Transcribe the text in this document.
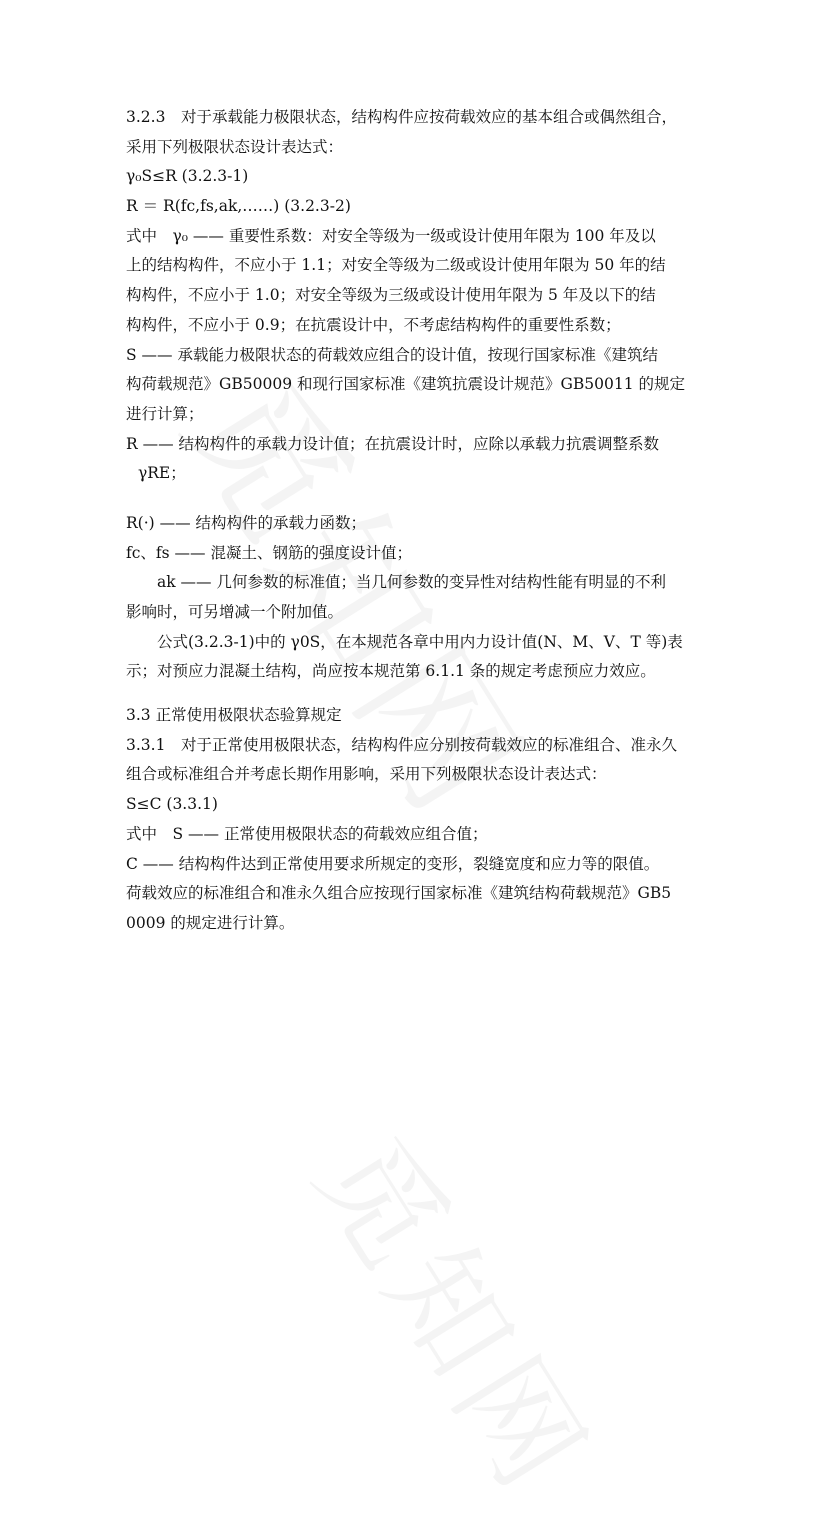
3.2.3　对于承载能力极限状态，结构构件应按荷载效应的基本组合或偶然组合，
采用下列极限状态设计表达式：
γ₀S≤R (3.2.3-1)
R ＝ R(fc,fs,ak,……) (3.2.3-2)
式中　γ₀ —— 重要性系数：对安全等级为一级或设计使用年限为 100 年及以
上的结构构件，不应小于 1.1；对安全等级为二级或设计使用年限为 50 年的结
构构件，不应小于 1.0；对安全等级为三级或设计使用年限为 5 年及以下的结
构构件，不应小于 0.9；在抗震设计中，不考虑结构构件的重要性系数；
S —— 承载能力极限状态的荷载效应组合的设计值，按现行国家标准《建筑结
构荷载规范》GB50009 和现行国家标准《建筑抗震设计规范》GB50011 的规定
进行计算；
R —— 结构构件的承载力设计值；在抗震设计时，应除以承载力抗震调整系数
γRE；
R(·) —— 结构构件的承载力函数；
fc、fs —— 混凝土、钢筋的强度设计值；
ak —— 几何参数的标准值；当几何参数的变异性对结构性能有明显的不利
影响时，可另增减一个附加值。
公式(3.2.3-1)中的 γ0S，在本规范各章中用内力设计值(N、M、V、T 等)表
示；对预应力混凝土结构，尚应按本规范第 6.1.1 条的规定考虑预应力效应。
3.3 正常使用极限状态验算规定
3.3.1　对于正常使用极限状态，结构构件应分别按荷载效应的标准组合、准永久
组合或标准组合并考虑长期作用影响，采用下列极限状态设计表达式：
S≤C (3.3.1)
式中　S —— 正常使用极限状态的荷载效应组合值；
C —— 结构构件达到正常使用要求所规定的变形，裂缝宽度和应力等的限值。
荷载效应的标准组合和准永久组合应按现行国家标准《建筑结构荷载规范》GB5
0009 的规定进行计算。
